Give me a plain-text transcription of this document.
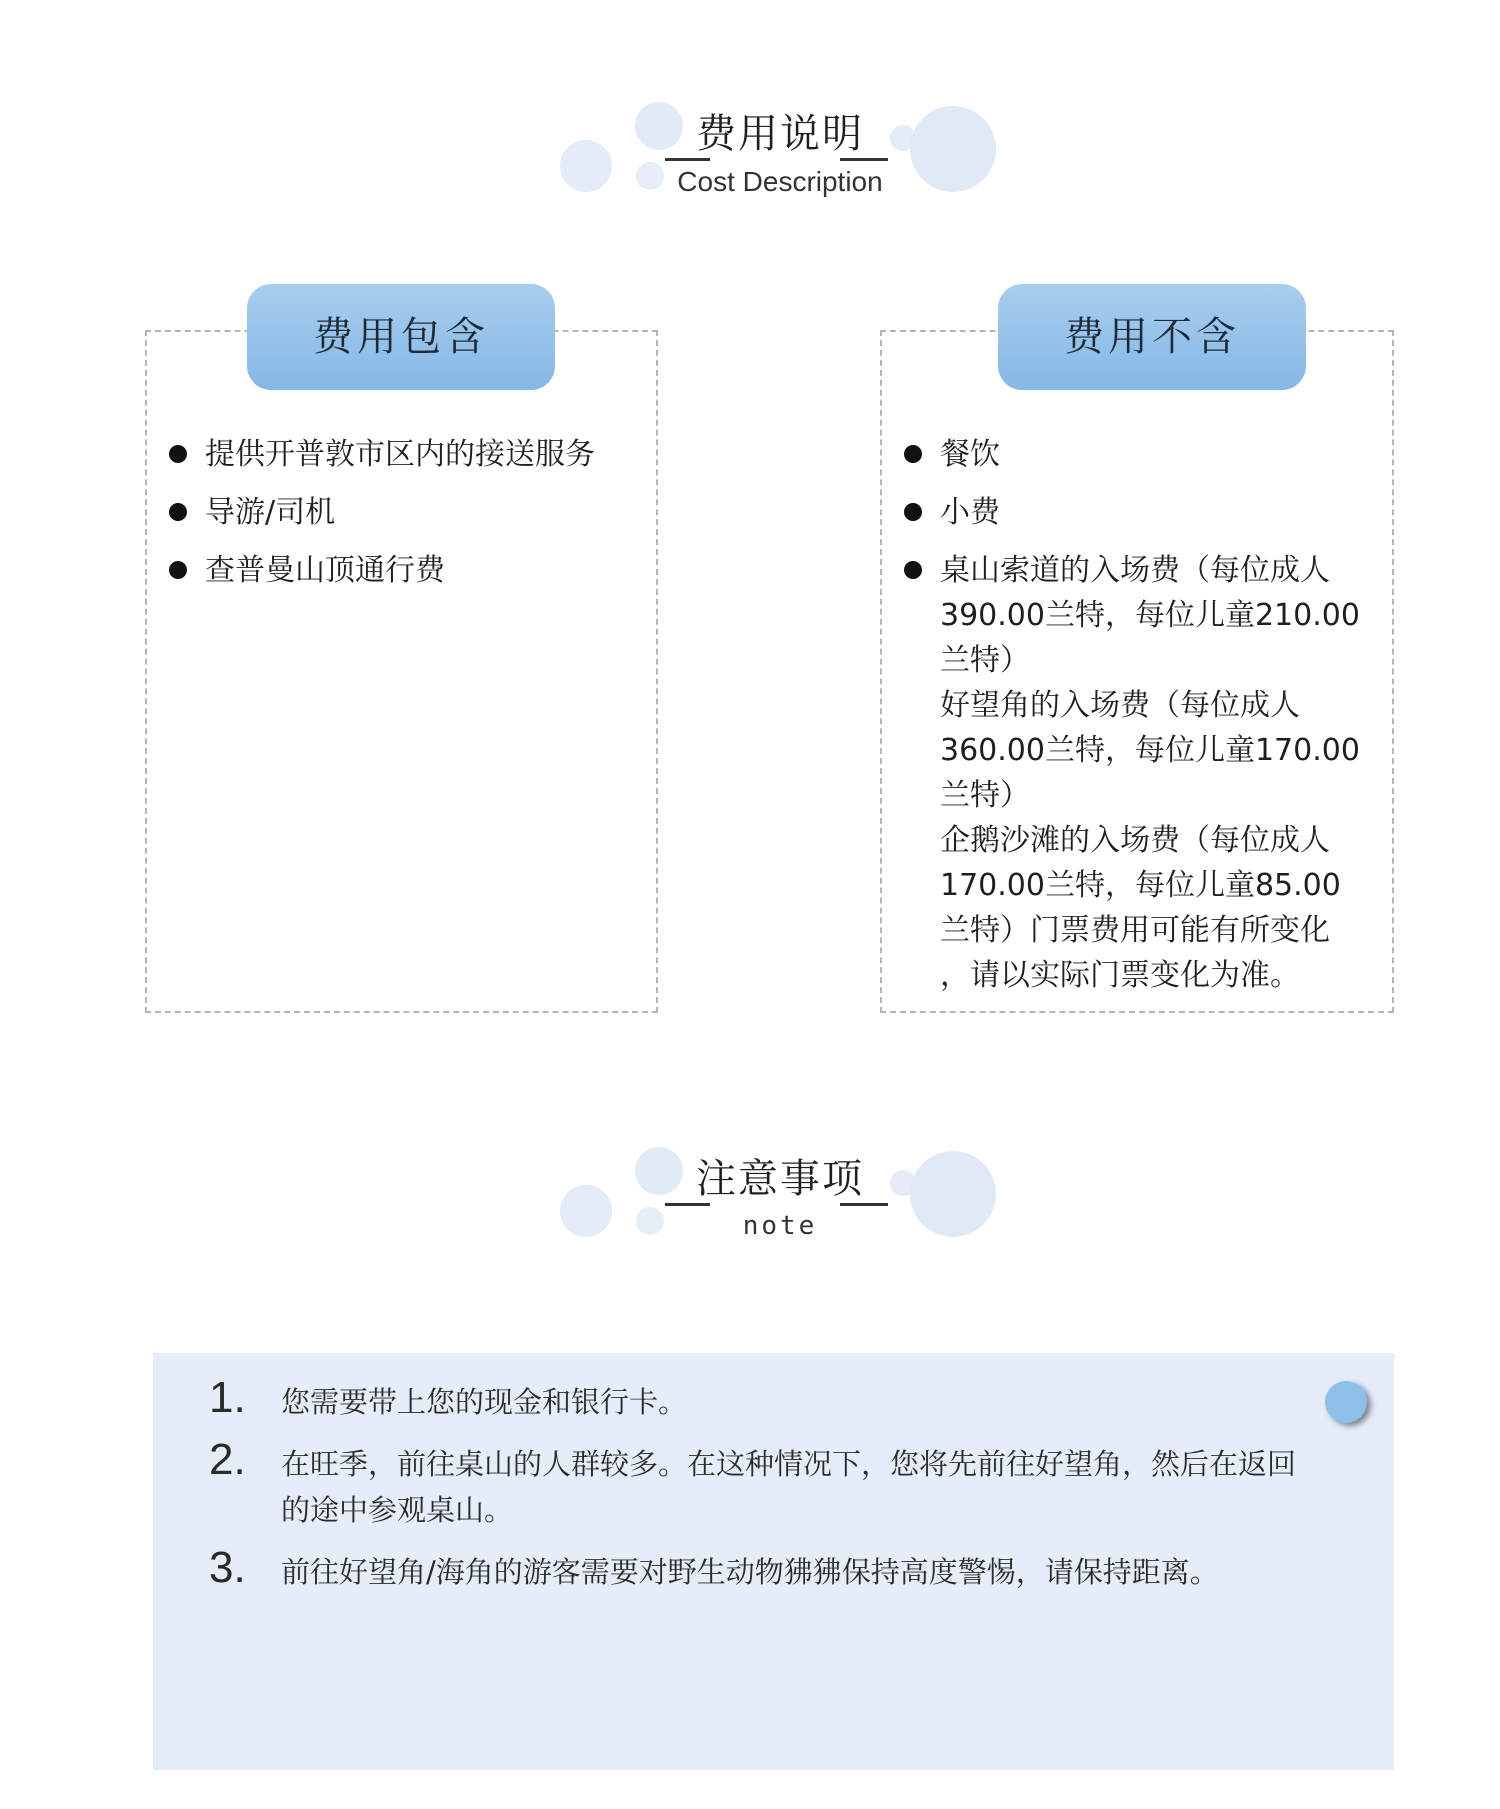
费用说明
Cost Description
费用包含
提供开普敦市区内的接送服务
导游/司机
查普曼山顶通行费
费用不含
餐饮
小费
桌山索道的入场费（每位成人
390.00兰特，每位儿童210.00
兰特）
好望角的入场费（每位成人
360.00兰特，每位儿童170.00
兰特）
企鹅沙滩的入场费（每位成人
170.00兰特，每位儿童85.00
兰特）门票费用可能有所变化
，请以实际门票变化为准。
注意事项
note
1. 您需要带上您的现金和银行卡。
2. 在旺季，前往桌山的人群较多。在这种情况下，您将先前往好望角，然后在返回的途中参观桌山。
3. 前往好望角/海角的游客需要对野生动物狒狒保持高度警惕，请保持距离。
